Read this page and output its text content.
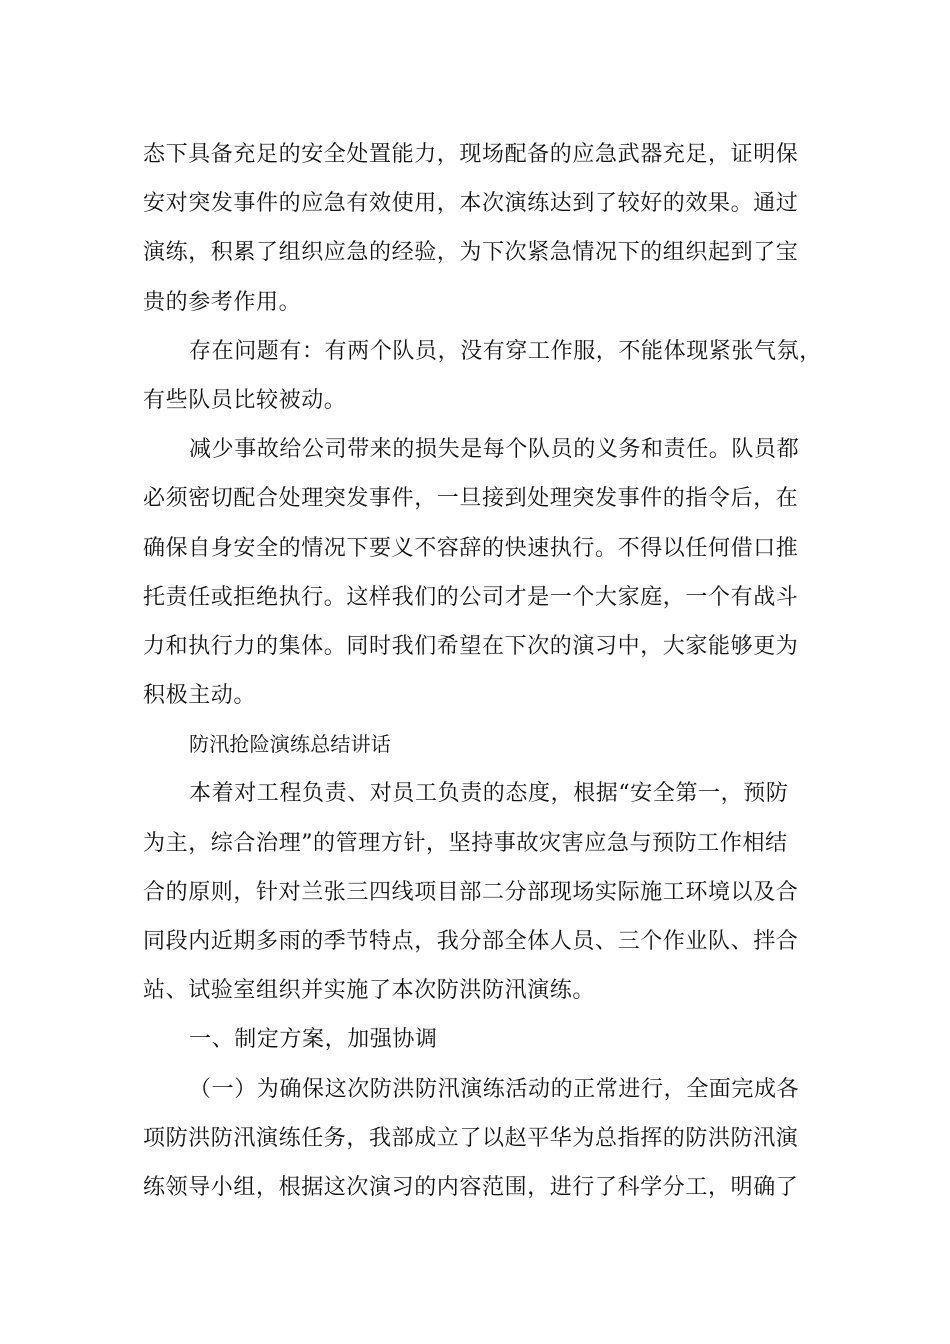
态下具备充足的安全处置能力，现场配备的应急武器充足，证明保
安对突发事件的应急有效使用，本次演练达到了较好的效果。通过
演练，积累了组织应急的经验，为下次紧急情况下的组织起到了宝
贵的参考作用。
存在问题有：有两个队员，没有穿工作服，不能体现紧张气氛，
有些队员比较被动。
减少事故给公司带来的损失是每个队员的义务和责任。队员都
必须密切配合处理突发事件，一旦接到处理突发事件的指令后，在
确保自身安全的情况下要义不容辞的快速执行。不得以任何借口推
托责任或拒绝执行。这样我们的公司才是一个大家庭，一个有战斗
力和执行力的集体。同时我们希望在下次的演习中，大家能够更为
积极主动。
防汛抢险演练总结讲话
本着对工程负责、对员工负责的态度，根据“安全第一，预防
为主，综合治理”的管理方针，坚持事故灾害应急与预防工作相结
合的原则，针对兰张三四线项目部二分部现场实际施工环境以及合
同段内近期多雨的季节特点，我分部全体人员、三个作业队、拌合
站、试验室组织并实施了本次防洪防汛演练。
一、制定方案，加强协调
（一）为确保这次防洪防汛演练活动的正常进行，全面完成各
项防洪防汛演练任务，我部成立了以赵平华为总指挥的防洪防汛演
练领导小组，根据这次演习的内容范围，进行了科学分工，明确了
